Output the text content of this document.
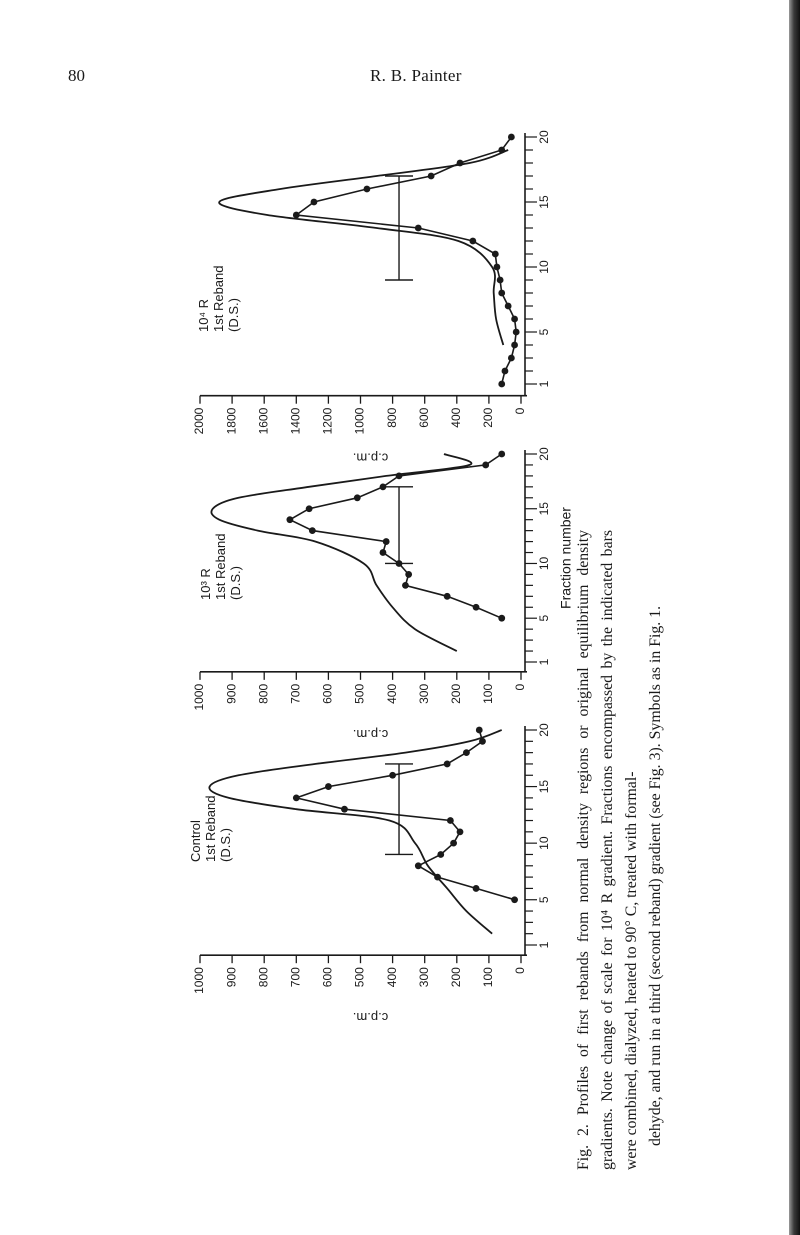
80	R. B. Painter
2000 1800 1600 1400 1200 1000 800 600 400 200 0
c.p.m.
1
5
10
15
20
10⁴ R 1st Reband (D.S.)
1000 900 800 700 600 500 400 300 200 100 0
c.p.m.
1
5
10
15
20
Fraction number
10³ R 1st Reband (D.S.)
1000 900 800 700 600 500 400 300 200 100 0
c.p.m.
1
5
10
15
20
Control 1st Reband (D.S.)	Fig. 2. Profiles of first rebands from normal density regions or original equilibrium density gradients. Note change of scale for 10⁴ R gradient. Fractions encompassed by the indicated bars were combined, dialyzed, heated to 90° C, treated with formal- dehyde, and run in a third (second reband) gradient (see Fig. 3). Symbols as in Fig. 1.
